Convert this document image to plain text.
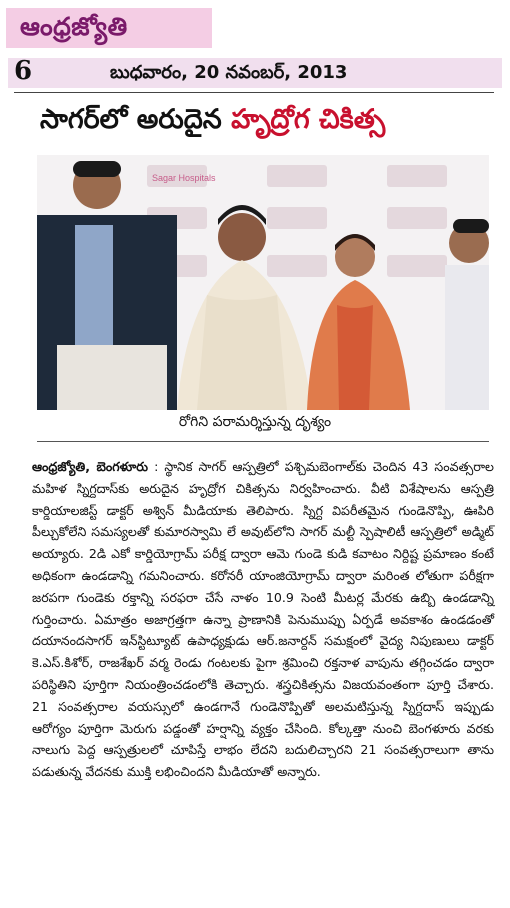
ఆంధ్రజ్యోతి
6	బుధవారం, 20 నవంబర్, 2013
సాగర్‌లో అరుదైన హృద్రోగ చికిత్స
Sagar Hospitals
రోగిని పరామర్శిస్తున్న దృశ్యం
ఆంధ్రజ్యోతి, బెంగళూరు : స్థానిక సాగర్ ఆస్పత్రిలో పశ్చిమబెంగాల్‌కు చెందిన 43 సంవత్సరాల మహిళ స్నిగ్దదాస్‌కు అరుదైన హృద్రోగ చికిత్సను నిర్వహించారు. వీటి విశేషాలను ఆస్పత్రి కార్డియాలజిస్ట్ డాక్టర్ అశ్విన్ మీడియాకు తెలిపారు. స్నిగ్ద విపరీతమైన గుండెనొప్పి, ఊపిరి పీల్చుకోలేని సమస్యలతో కుమారస్వామి లే అవుట్‌లోని సాగర్ మల్టీ స్పెషాలిటీ ఆస్పత్రిలో అడ్మిట్ అయ్యారు. 2డి ఎకో కార్డియోగ్రామ్ పరీక్ష ద్వారా ఆమె గుండె కుడి కవాటం నిర్దిష్ట ప్రమాణం కంటే అధికంగా ఉండడాన్ని గమనించారు. కరోనరీ యాంజియోగ్రామ్ ద్వారా మరింత లోతుగా పరీక్షగా జరపగా గుండెకు రక్తాన్ని సరఫరా చేసే నాళం 10.9 సెంటి మీటర్ల మేరకు ఉబ్బి ఉండడాన్ని గుర్తించారు. ఏమాత్రం అజాగ్రత్తగా ఉన్నా ప్రాణానికి పెనుముప్పు ఏర్పడే అవకాశం ఉండడంతో దయానందసాగర్ ఇన్‌స్టిట్యూట్ ఉపాధ్యక్షుడు ఆర్.జనార్దన్ సమక్షంలో వైద్య నిపుణులు డాక్టర్ కె.ఎస్.కిశోర్, రాజశేఖర్ వర్మ రెండు గంటలకు పైగా శ్రమించి రక్తనాళ వాపును తగ్గించడం ద్వారా పరిస్థితిని పూర్తిగా నియంత్రించడంలోకి తెచ్చారు. శస్త్రచికిత్సను విజయవంతంగా పూర్తి చేశారు. 21 సంవత్సరాల వయస్సులో ఉండగానే గుండెనొప్పితో అలమటిస్తున్న స్నిగ్దదాస్ ఇప్పుడు ఆరోగ్యం పూర్తిగా మెరుగు పడ్డంతో హర్షాన్ని వ్యక్తం చేసింది. కోల్కత్తా నుంచి బెంగళూరు వరకు నాలుగు పెద్ద ఆస్పత్రులలో చూపిస్తే లాభం లేదని బదులిచ్చారని 21 సంవత్సరాలుగా తాను పడుతున్న వేదనకు ముక్తి లభించిందని మీడియాతో అన్నారు.
